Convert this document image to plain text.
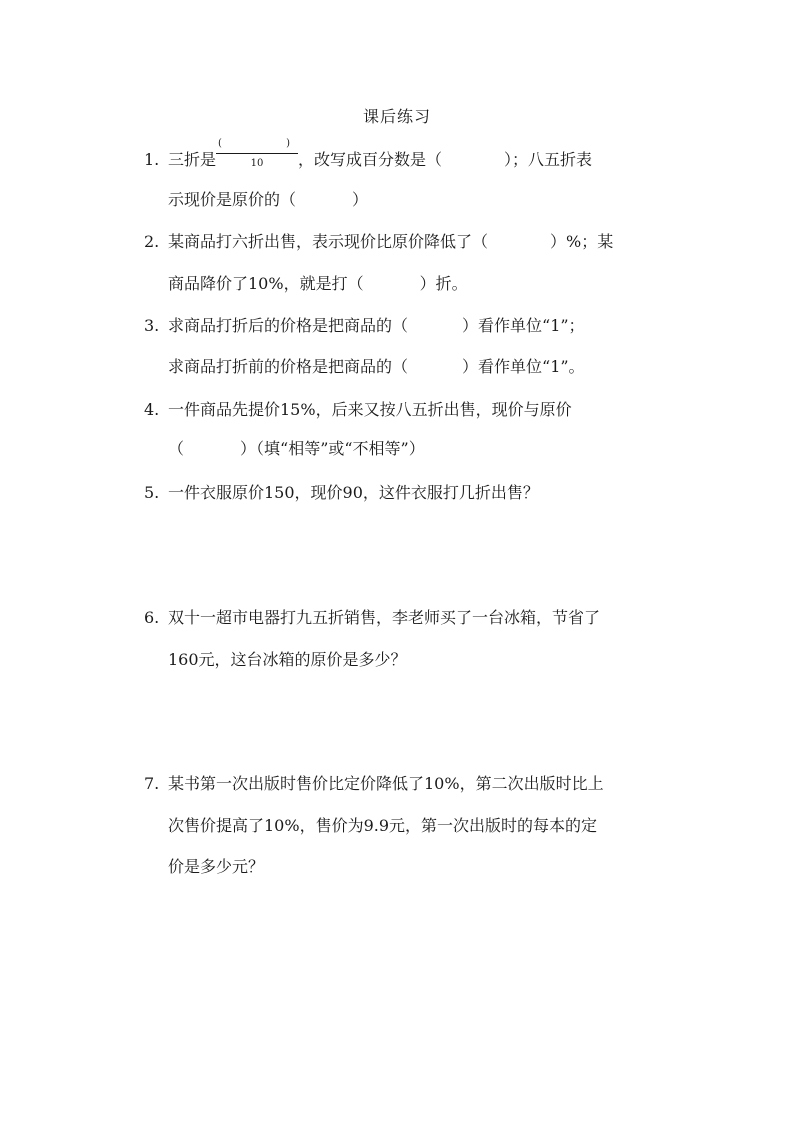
课后练习
1. 三折是 (	)
10 ，改写成百分数是（	）；八五折表
示现价是原价的（	）
2. 某商品打六折出售，表示现价比原价降低了（	）%；某
商品降价了10%，就是打（	）折。
3. 求商品打折后的价格是把商品的（	）看作单位“1”；
求商品打折前的价格是把商品的（	）看作单位“1”。
4. 一件商品先提价15%，后来又按八五折出售，现价与原价
（	）（填“相等”或“不相等”）
5. 一件衣服原价150，现价90，这件衣服打几折出售？
6. 双十一超市电器打九五折销售，李老师买了一台冰箱，节省了
160元，这台冰箱的原价是多少？
7. 某书第一次出版时售价比定价降低了10%，第二次出版时比上
次售价提高了10%，售价为9.9元，第一次出版时的每本的定
价是多少元？
